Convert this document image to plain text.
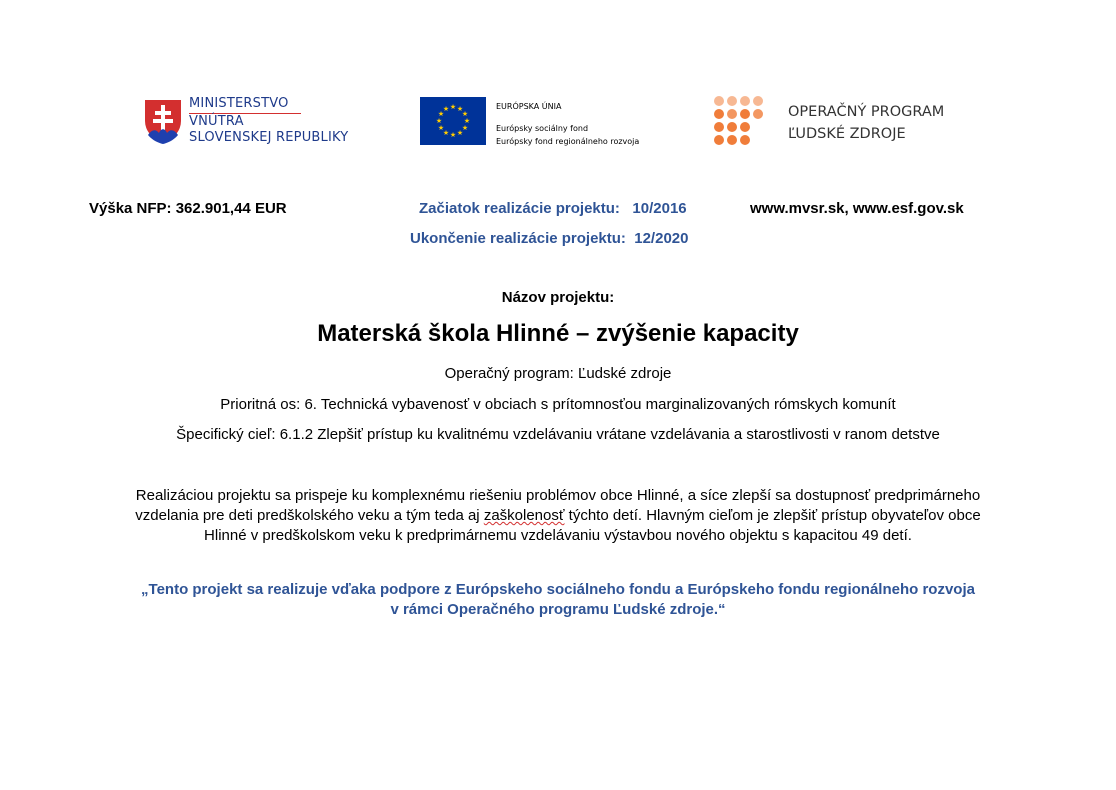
MINISTERSTVO
VNÚTRA
SLOVENSKEJ REPUBLIKY
★ ★
★
★
★
★
★
★
★
★
★
★	EURÓPSKA ÚNIA
Európsky sociálny fond
Európsky fond regionálneho rozvoja
OPERAČNÝ PROGRAM
ĽUDSKÉ ZDROJE
Výška NFP: 362.901,44 EUR	Začiatok realizácie projektu:   10/2016	www.mvsr.sk, www.esf.gov.sk
Ukončenie realizácie projektu:  12/2020
Názov projektu:
Materská škola Hlinné – zvýšenie kapacity
Operačný program: Ľudské zdroje
Prioritná os: 6. Technická vybavenosť v obciach s prítomnosťou marginalizovaných rómskych komunít
Špecifický cieľ: 6.1.2 Zlepšiť prístup ku kvalitnému vzdelávaniu vrátane vzdelávania a starostlivosti v ranom detstve
Realizáciou projektu sa prispeje ku komplexnému riešeniu problémov obce Hlinné, a síce zlepší sa dostupnosť predprimárneho
vzdelania pre deti predškolského veku a tým teda aj zaškolenosť týchto detí. Hlavným cieľom je zlepšiť prístup obyvateľov obce
Hlinné v predškolskom veku k predprimárnemu vzdelávaniu výstavbou nového objektu s kapacitou 49 detí.
„Tento projekt sa realizuje vďaka podpore z Európskeho sociálneho fondu a Európskeho fondu regionálneho rozvoja
v rámci Operačného programu Ľudské zdroje.“
